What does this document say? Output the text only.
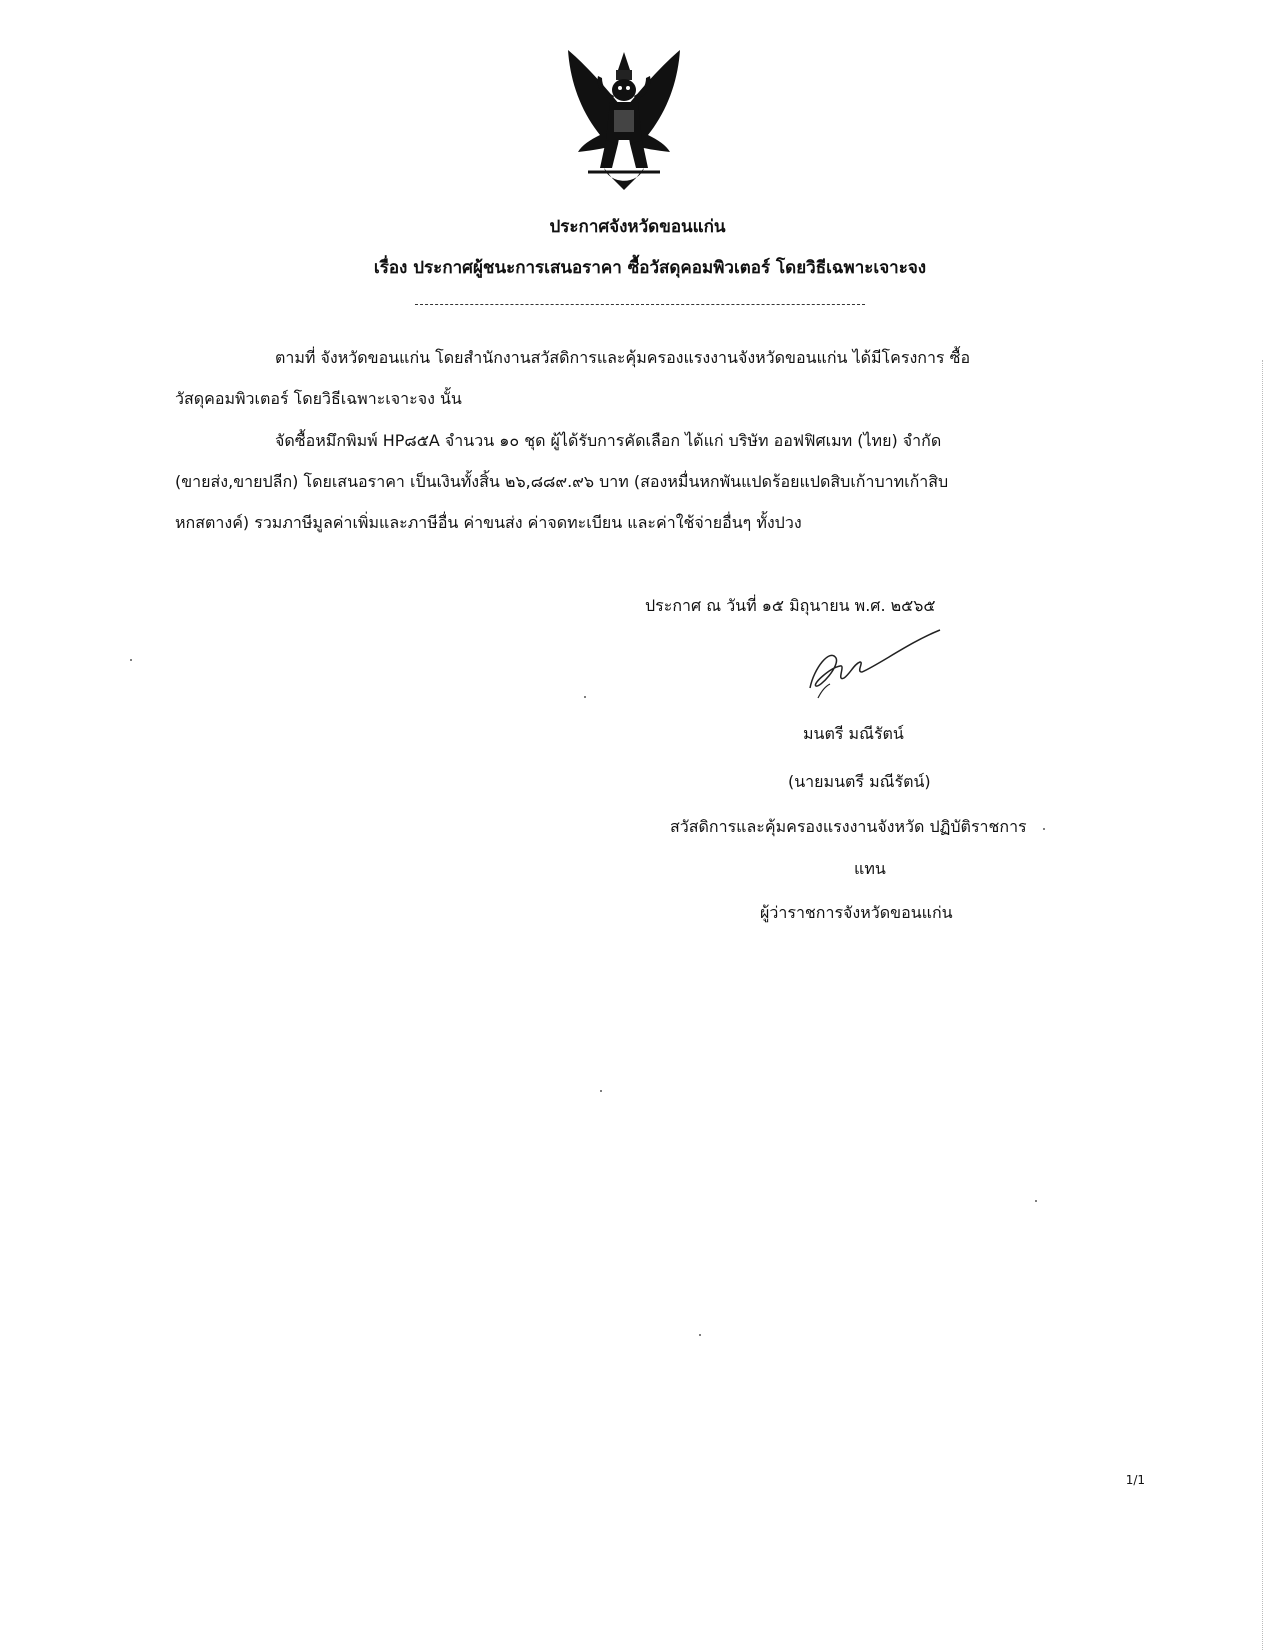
ประกาศจังหวัดขอนแก่น
เรื่อง ประกาศผู้ชนะการเสนอราคา ซื้อวัสดุคอมพิวเตอร์ โดยวิธีเฉพาะเจาะจง
ตามที่ จังหวัดขอนแก่น โดยสำนักงานสวัสดิการและคุ้มครองแรงงานจังหวัดขอนแก่น ได้มีโครงการ ซื้อ
วัสดุคอมพิวเตอร์ โดยวิธีเฉพาะเจาะจง นั้น
จัดซื้อหมึกพิมพ์ HP๘๕A จำนวน ๑๐ ชุด ผู้ได้รับการคัดเลือก ได้แก่ บริษัท ออฟฟิศเมท (ไทย) จำกัด
(ขายส่ง,ขายปลีก) โดยเสนอราคา เป็นเงินทั้งสิ้น ๒๖,๘๘๙.๙๖ บาท (สองหมื่นหกพันแปดร้อยแปดสิบเก้าบาทเก้าสิบ
หกสตางค์) รวมภาษีมูลค่าเพิ่มและภาษีอื่น ค่าขนส่ง ค่าจดทะเบียน และค่าใช้จ่ายอื่นๆ ทั้งปวง
ประกาศ ณ วันที่ ๑๕ มิถุนายน พ.ศ. ๒๕๖๕
มนตรี มณีรัตน์
(นายมนตรี มณีรัตน์)
สวัสดิการและคุ้มครองแรงงานจังหวัด ปฏิบัติราชการ
แทน
ผู้ว่าราชการจังหวัดขอนแก่น
1/1
